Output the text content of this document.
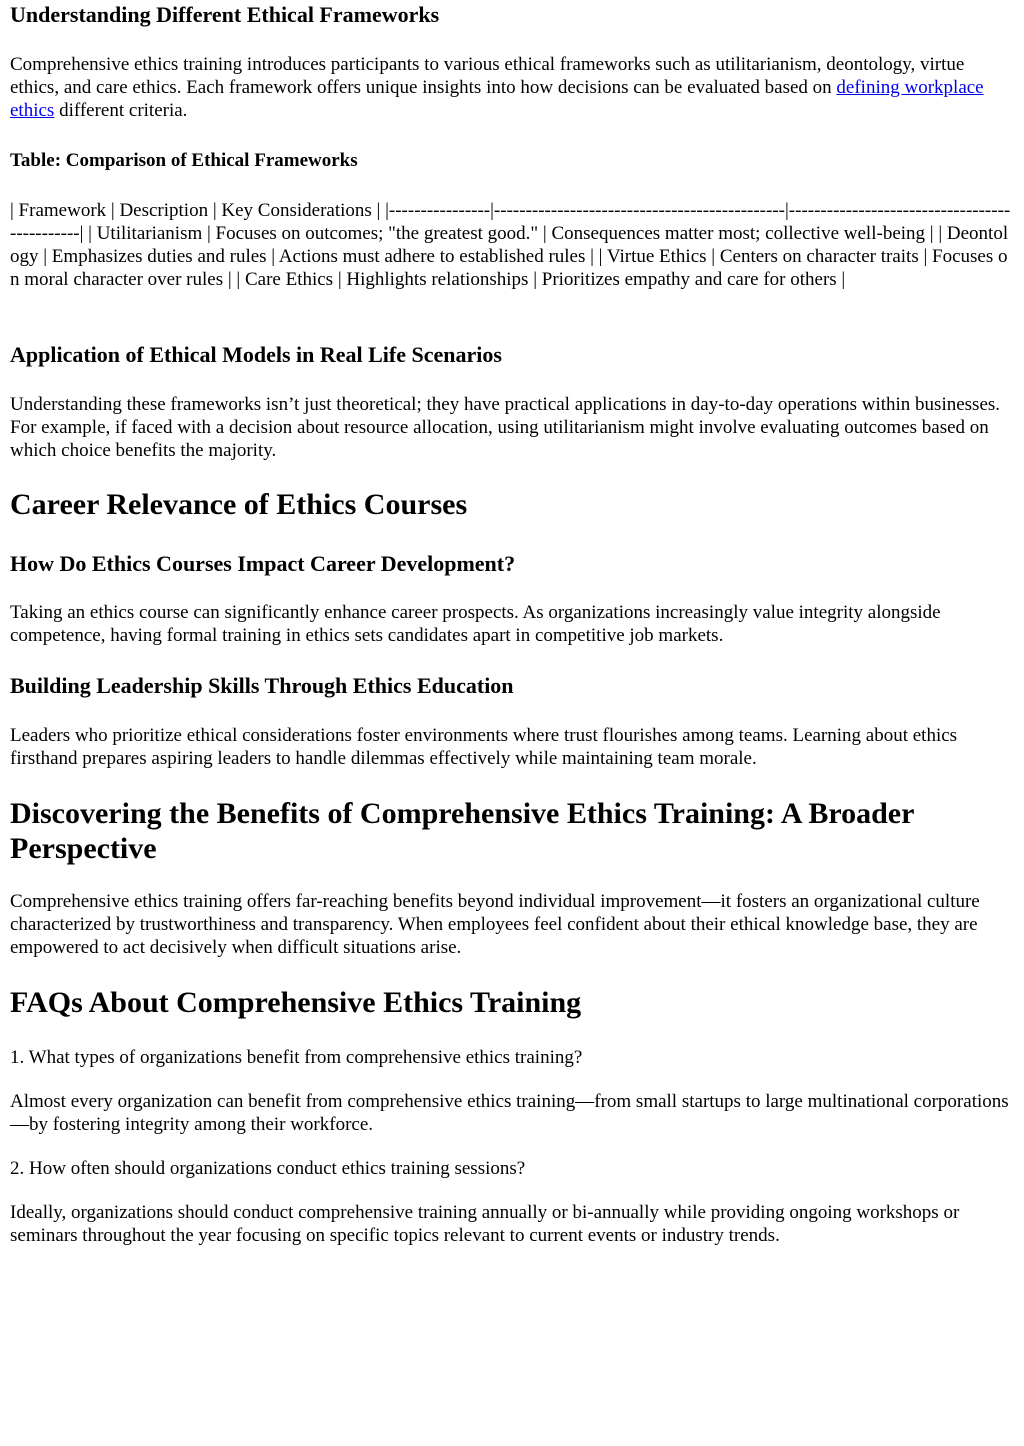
Understanding Different Ethical Frameworks

Comprehensive ethics training introduces participants to various ethical frameworks such as utilitarianism, deontology, virtue ethics, and care ethics. Each framework offers unique insights into how decisions can be evaluated based on defining workplace ethics different criteria.

Table: Comparison of Ethical Frameworks

| Framework | Description | Key Considerations | |----------------|----------------------------------------------|----------------------------------------------| | Utilitarianism | Focuses on outcomes; "the greatest good." | Consequences matter most; collective well-being | | Deontology | Emphasizes duties and rules | Actions must adhere to established rules | | Virtue Ethics | Centers on character traits | Focuses on moral character over rules | | Care Ethics | Highlights relationships | Prioritizes empathy and care for others |

Application of Ethical Models in Real Life Scenarios

Understanding these frameworks isn’t just theoretical; they have practical applications in day-to-day operations within businesses. For example, if faced with a decision about resource allocation, using utilitarianism might involve evaluating outcomes based on which choice benefits the majority.

Career Relevance of Ethics Courses
How Do Ethics Courses Impact Career Development?

Taking an ethics course can significantly enhance career prospects. As organizations increasingly value integrity alongside competence, having formal training in ethics sets candidates apart in competitive job markets.

Building Leadership Skills Through Ethics Education

Leaders who prioritize ethical considerations foster environments where trust flourishes among teams. Learning about ethics firsthand prepares aspiring leaders to handle dilemmas effectively while maintaining team morale.

Discovering the Benefits of Comprehensive Ethics Training: A Broader Perspective

Comprehensive ethics training offers far-reaching benefits beyond individual improvement—it fosters an organizational culture characterized by trustworthiness and transparency. When employees feel confident about their ethical knowledge base, they are empowered to act decisively when difficult situations arise.

FAQs About Comprehensive Ethics Training

1. What types of organizations benefit from comprehensive ethics training?

Almost every organization can benefit from comprehensive ethics training—from small startups to large multinational corporations—by fostering integrity among their workforce.

2. How often should organizations conduct ethics training sessions?

Ideally, organizations should conduct comprehensive training annually or bi-annually while providing ongoing workshops or seminars throughout the year focusing on specific topics relevant to current events or industry trends.
